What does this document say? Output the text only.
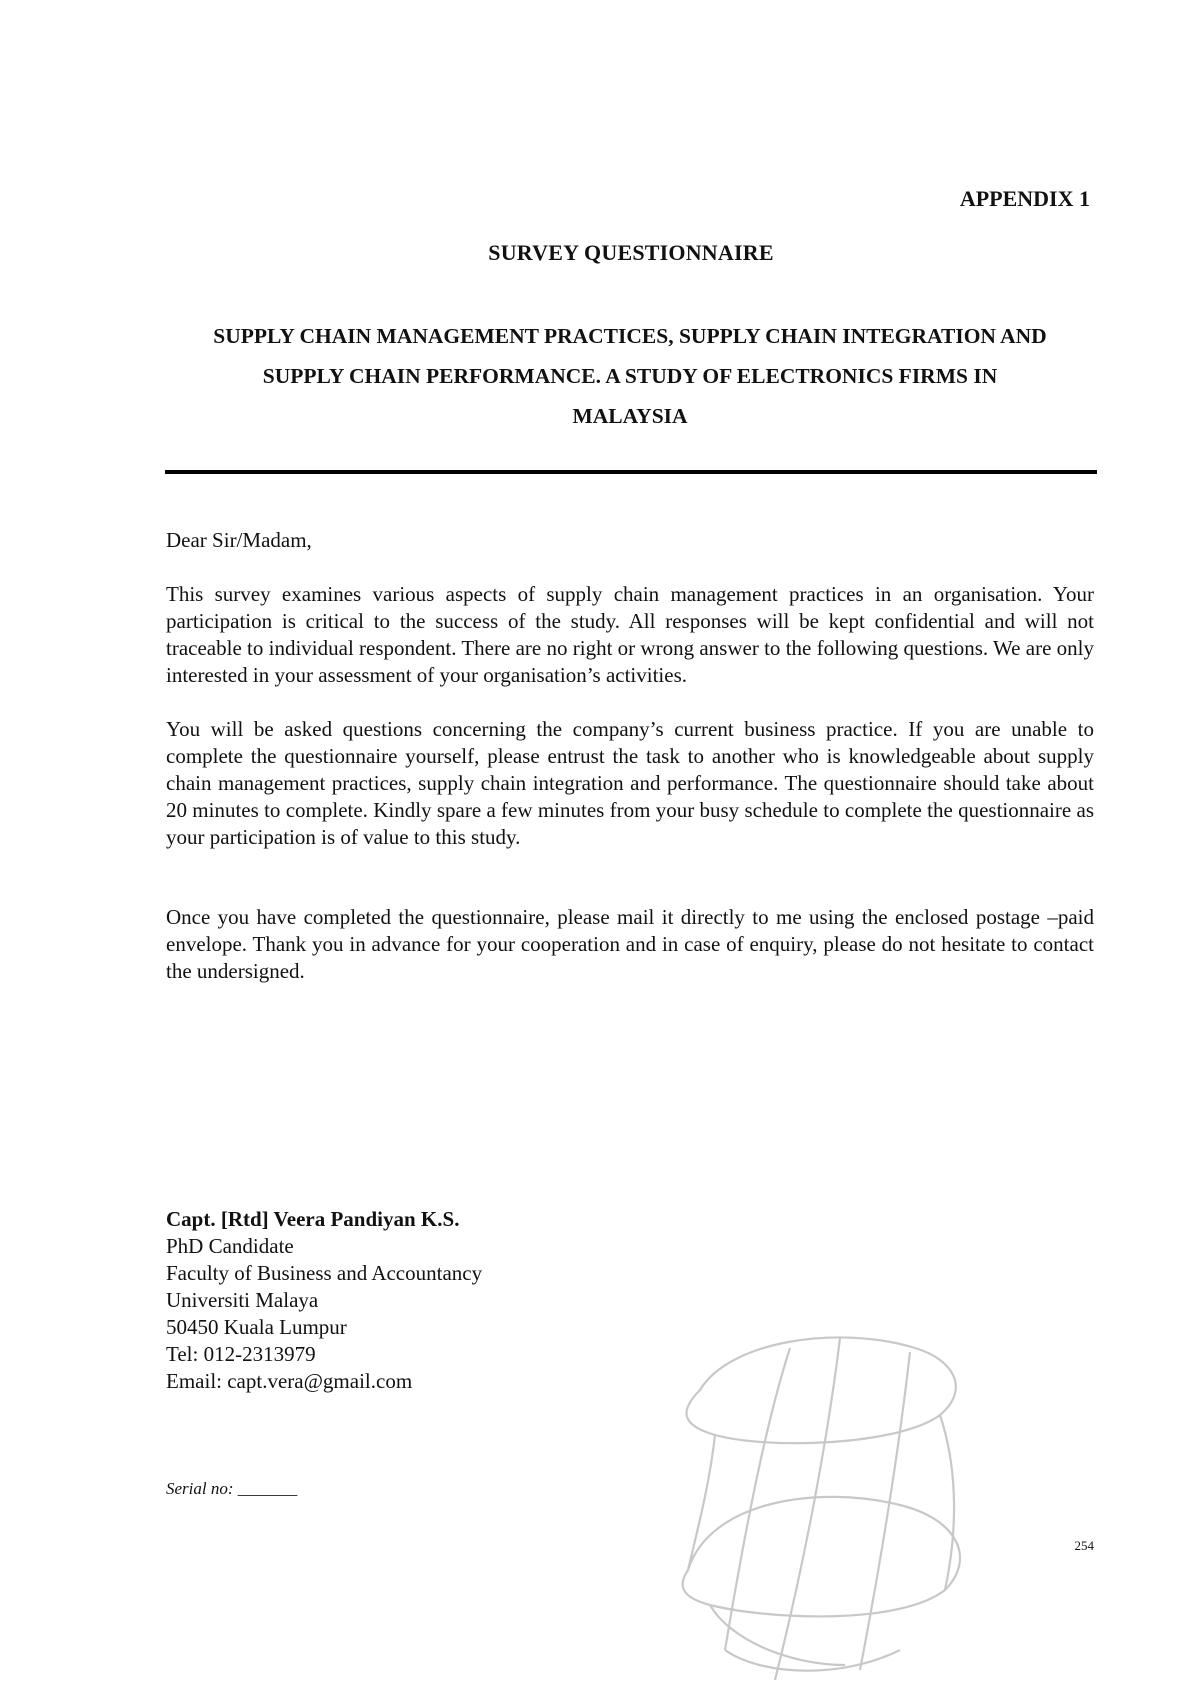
APPENDIX 1
SURVEY QUESTIONNAIRE
SUPPLY CHAIN MANAGEMENT PRACTICES, SUPPLY CHAIN INTEGRATION AND
SUPPLY CHAIN PERFORMANCE. A STUDY OF ELECTRONICS FIRMS IN
MALAYSIA
Dear Sir/Madam,
This survey examines various aspects of supply chain management practices in an organisation. Your participation is critical to the success of the study. All responses will be kept confidential and will not traceable to individual respondent. There are no right or wrong answer to the following questions. We are only interested in your assessment of your organisation’s activities.
You will be asked questions concerning the company’s current business practice. If you are unable to complete the questionnaire yourself, please entrust the task to another who is knowledgeable about supply chain management practices, supply chain integration and performance. The questionnaire should take about 20 minutes to complete. Kindly spare a few minutes from your busy schedule to complete the questionnaire as your participation is of value to this study.
Once you have completed the questionnaire, please mail it directly to me using the enclosed postage –paid envelope. Thank you in advance for your cooperation and in case of enquiry, please do not hesitate to contact the undersigned.
Capt. [Rtd] Veera Pandiyan K.S.
PhD Candidate
Faculty of Business and Accountancy
Universiti Malaya
50450 Kuala Lumpur
Tel: 012-2313979
Email: capt.vera@gmail.com
Serial no: _______
254
